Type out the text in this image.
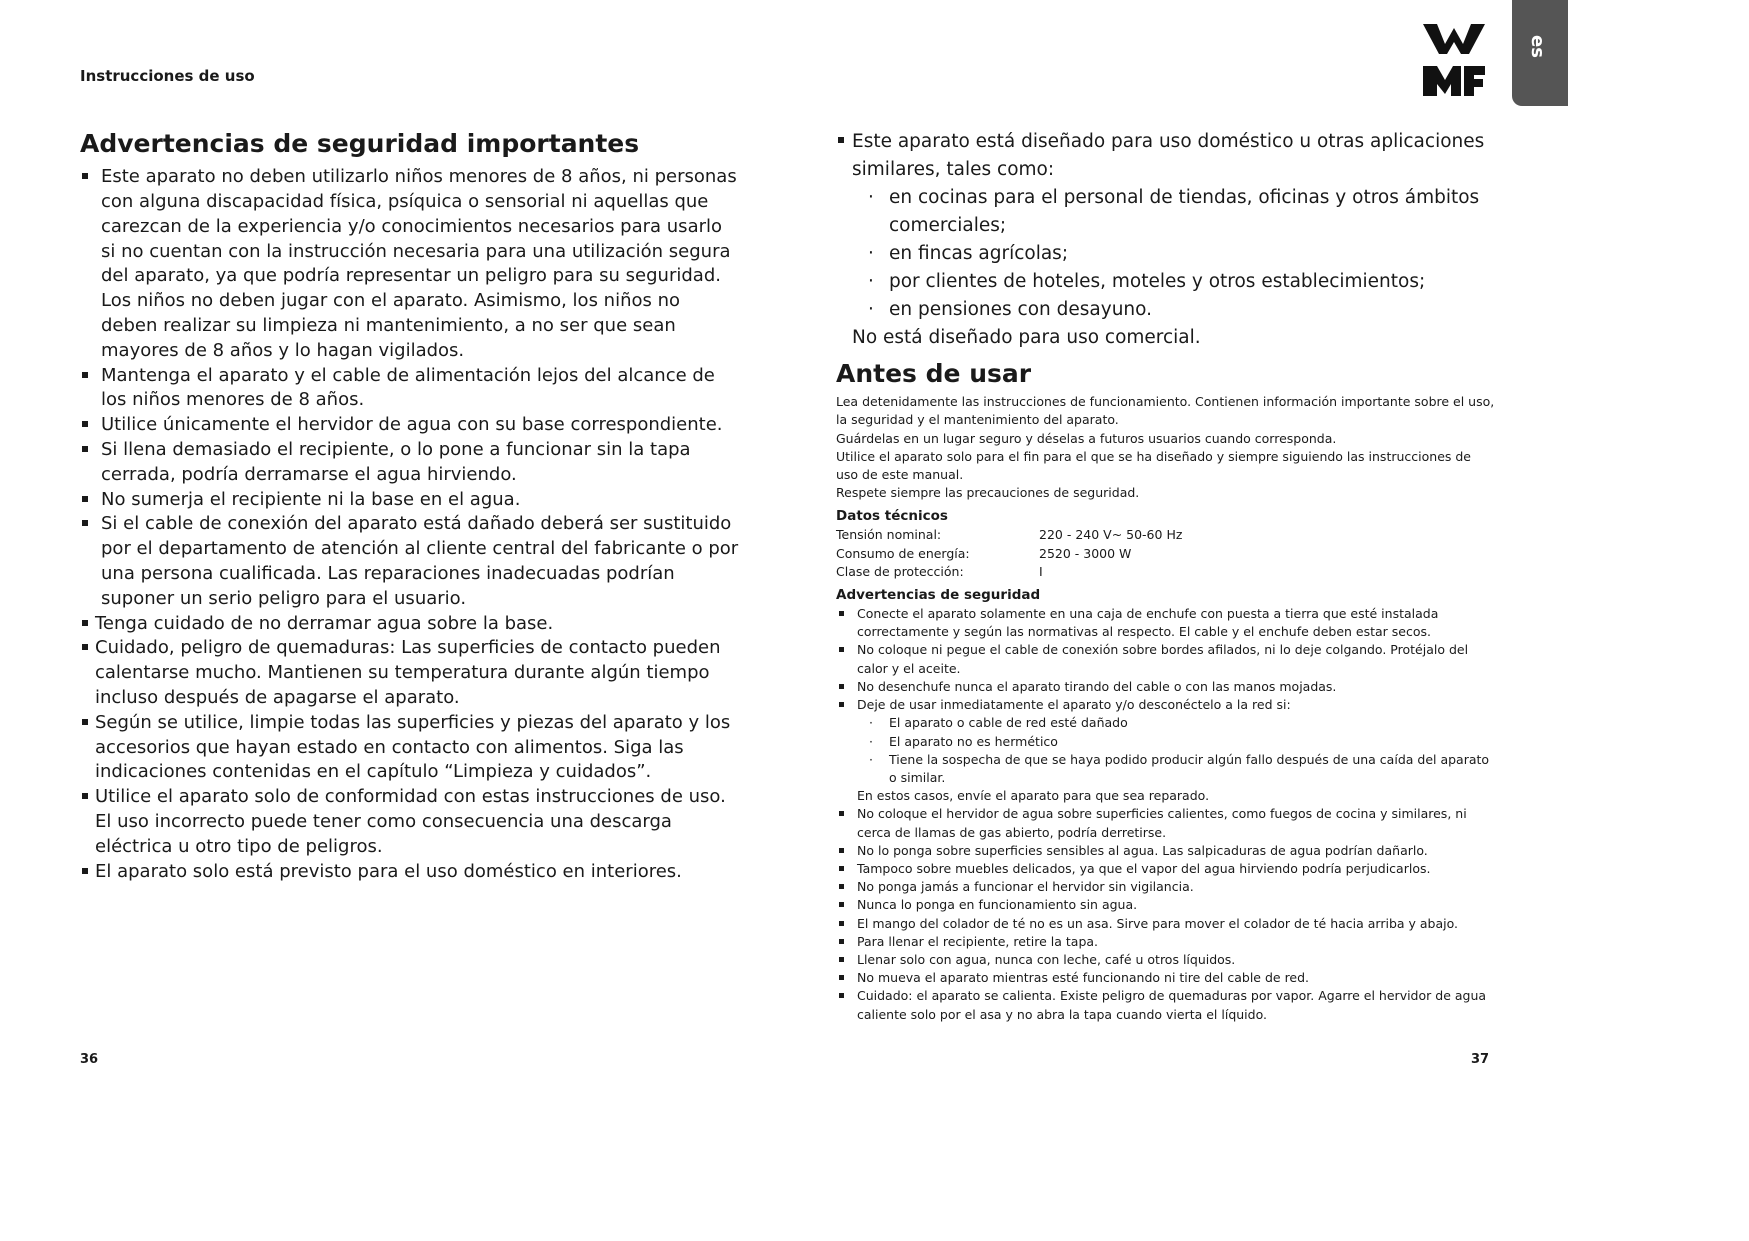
Instrucciones de uso

es
Advertencias de seguridad importantes
Este aparato no deben utilizarlo niños menores de 8 años, ni personas con alguna discapacidad física, psíquica o sensorial ni aquellas que carezcan de la experiencia y/o conocimientos necesarios para usarlo si no cuentan con la instrucción necesaria para una utilización segura del aparato, ya que podría representar un peligro para su seguridad. Los niños no deben jugar con el aparato. Asimismo, los niños no deben realizar su limpieza ni mantenimiento, a no ser que sean mayores de 8 años y lo hagan vigilados.
Mantenga el aparato y el cable de alimentación lejos del alcance de los niños menores de 8 años.
Utilice únicamente el hervidor de agua con su base correspondiente.
Si llena demasiado el recipiente, o lo pone a funcionar sin la tapa cerrada, podría derramarse el agua hirviendo.
No sumerja el recipiente ni la base en el agua.
Si el cable de conexión del aparato está dañado deberá ser sustituido por el departamento de atención al cliente central del fabricante o por una persona cualificada. Las reparaciones inadecuadas podrían suponer un serio peligro para el usuario.
Tenga cuidado de no derramar agua sobre la base.
Cuidado, peligro de quemaduras: Las superficies de contacto pueden calentarse mucho. Mantienen su temperatura durante algún tiempo incluso después de apagarse el aparato.
Según se utilice, limpie todas las superficies y piezas del aparato y los accesorios que hayan estado en contacto con alimentos. Siga las indicaciones contenidas en el capítulo “Limpieza y cuidados”.
Utilice el aparato solo de conformidad con estas instrucciones de uso. El uso incorrecto puede tener como consecuencia una descarga eléctrica u otro tipo de peligros.
El aparato solo está previsto para el uso doméstico en interiores.
Este aparato está diseñado para uso doméstico u otras aplicaciones similares, tales como:
· en cocinas para el personal de tiendas, oficinas y otros ámbitos comerciales;
· en fincas agrícolas;
· por clientes de hoteles, moteles y otros establecimientos;
· en pensiones con desayuno.
No está diseñado para uso comercial.
Antes de usar

Lea detenidamente las instrucciones de funcionamiento. Contienen información importante sobre el uso, la seguridad y el mantenimiento del aparato.

Guárdelas en un lugar seguro y déselas a futuros usuarios cuando corresponda.

Utilice el aparato solo para el fin para el que se ha diseñado y siempre siguiendo las instrucciones de uso de este manual.

Respete siempre las precauciones de seguridad.

Datos técnicos
Tensión nominal:	220 - 240 V~ 50-60 Hz
Consumo de energía:	2520 - 3000 W
Clase de protección:	I
Advertencias de seguridad
Conecte el aparato solamente en una caja de enchufe con puesta a tierra que esté instalada correctamente y según las normativas al respecto. El cable y el enchufe deben estar secos.
No coloque ni pegue el cable de conexión sobre bordes afilados, ni lo deje colgando. Protéjalo del calor y el aceite.
No desenchufe nunca el aparato tirando del cable o con las manos mojadas.
Deje de usar inmediatamente el aparato y/o desconéctelo a la red si:
· El aparato o cable de red esté dañado
· El aparato no es hermético
· Tiene la sospecha de que se haya podido producir algún fallo después de una caída del aparato o similar.
En estos casos, envíe el aparato para que sea reparado.
No coloque el hervidor de agua sobre superficies calientes, como fuegos de cocina y similares, ni cerca de llamas de gas abierto, podría derretirse.
No lo ponga sobre superficies sensibles al agua. Las salpicaduras de agua podrían dañarlo.
Tampoco sobre muebles delicados, ya que el vapor del agua hirviendo podría perjudicarlos.
No ponga jamás a funcionar el hervidor sin vigilancia.
Nunca lo ponga en funcionamiento sin agua.
El mango del colador de té no es un asa. Sirve para mover el colador de té hacia arriba y abajo.
Para llenar el recipiente, retire la tapa.
Llenar solo con agua, nunca con leche, café u otros líquidos.
No mueva el aparato mientras esté funcionando ni tire del cable de red.
Cuidado: el aparato se calienta. Existe peligro de quemaduras por vapor. Agarre el hervidor de agua caliente solo por el asa y no abra la tapa cuando vierta el líquido.

36	37
